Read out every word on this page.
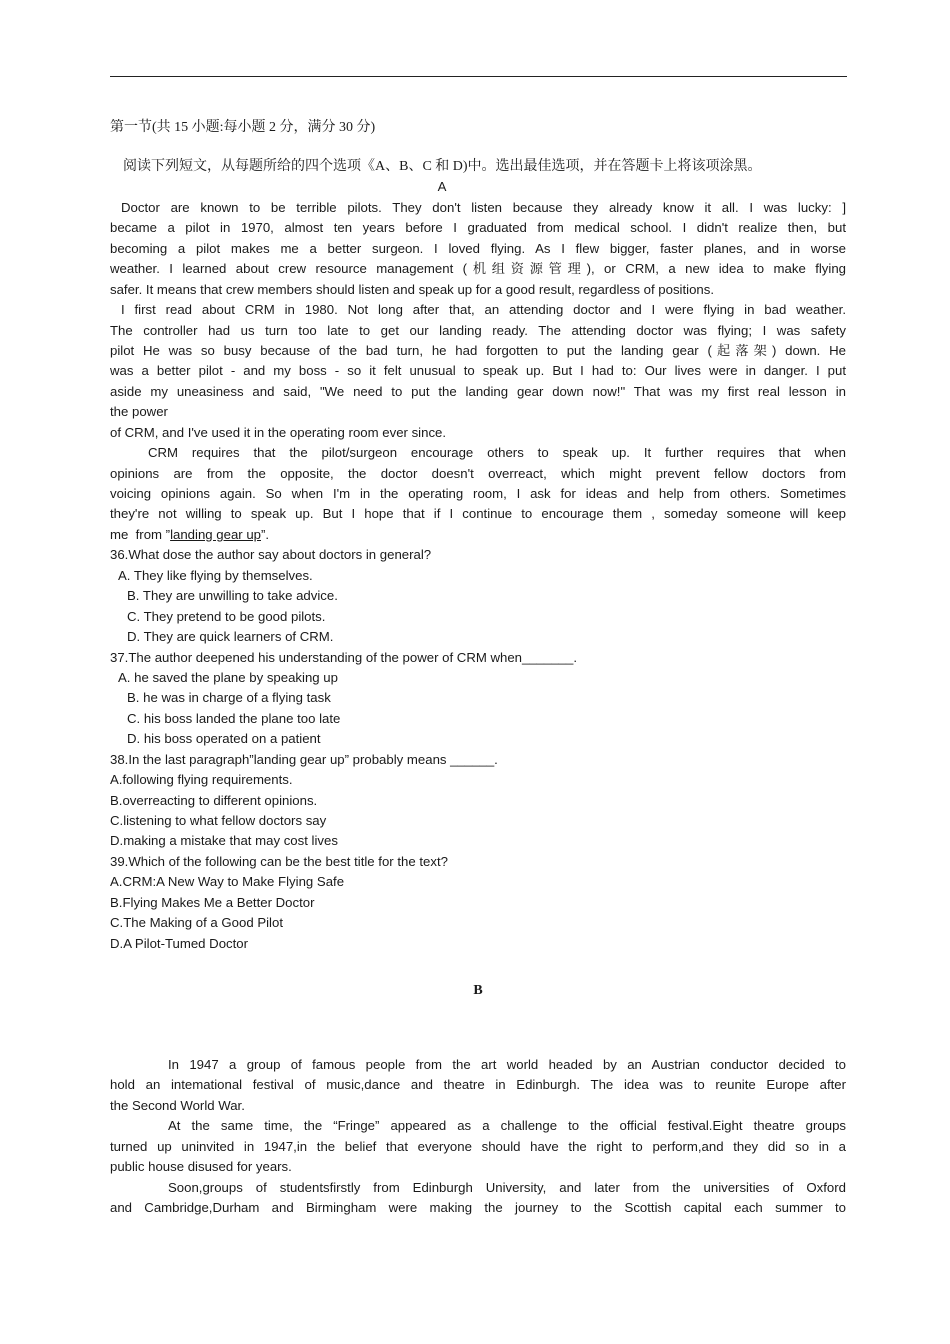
第一节(共 15 小题:每小题 2 分，满分 30 分)
阅读下列短文，从每题所给的四个选项《A、B、C 和 D)中。选出最佳选项，并在答题卡上将该项涂黑。
A
Doctor are known to be terrible pilots. They don't listen because they already know it all. I was lucky: ]
became a pilot in 1970, almost ten years before I graduated from medical school. I didn't realize then, but
becoming a pilot makes me a better surgeon. I loved flying. As I flew bigger, faster planes, and in worse
weather. I learned about crew resource management (机组资源管理), or CRM, a new idea to make flying
safer. It means that crew members should listen and speak up for a good result, regardless of positions.
I first read about CRM in 1980. Not long after that, an attending doctor and I were flying in bad weather.
The controller had us turn too late to get our landing ready. The attending doctor was flying; I was safety
pilot He was so busy because of the bad turn, he had forgotten to put the landing gear (起落架) down. He
was a better pilot - and my boss - so it felt unusual to speak up. But I had to: Our lives were in danger. I put
aside my uneasiness and said, "We need to put the landing gear down now!" That was my first real lesson in
the power
of CRM, and I've used it in the operating room ever since.
CRM requires that the pilot/surgeon encourage others to speak up. It further requires that when
opinions are from the opposite, the doctor doesn't overreact, which might prevent fellow doctors from
voicing opinions again. So when I'm in the operating room, I ask for ideas and help from others. Sometimes
they're not willing to speak up. But I hope that if I continue to encourage them , someday someone will keep
me  from ”landing gear up”.
36.What dose the author say about doctors in general?
A. They like flying by themselves.
B. They are unwilling to take advice.
C. They pretend to be good pilots.
D. They are quick learners of CRM.
37.The author deepened his understanding of the power of CRM when_______.
A. he saved the plane by speaking up
B. he was in charge of a flying task
C. his boss landed the plane too late
D. his boss operated on a patient
38.In the last paragraph”landing gear up” probably means ______.
A.following flying requirements.
B.overreacting to different opinions.
C.listening to what fellow doctors say
D.making a mistake that may cost lives
39.Which of the following can be the best title for the text?
A.CRM:A New Way to Make Flying Safe
B.Flying Makes Me a Better Doctor
C.The Making of a Good Pilot
D.A Pilot-Tumed Doctor
B
In 1947 a group of famous people from the art world headed by an Austrian conductor decided to
hold an intemational festival of music,dance and theatre in Edinburgh. The idea was to reunite Europe after
the Second World War.
At the same time, the “Fringe” appeared as a challenge to the official festival.Eight theatre groups
turned up uninvited in 1947,in the belief that everyone should have the right to perform,and they did so in a
public house disused for years.
Soon,groups of studentsfirstly from Edinburgh University, and later from the universities of Oxford
and Cambridge,Durham and Birmingham were making the journey to the Scottish capital each summer to
